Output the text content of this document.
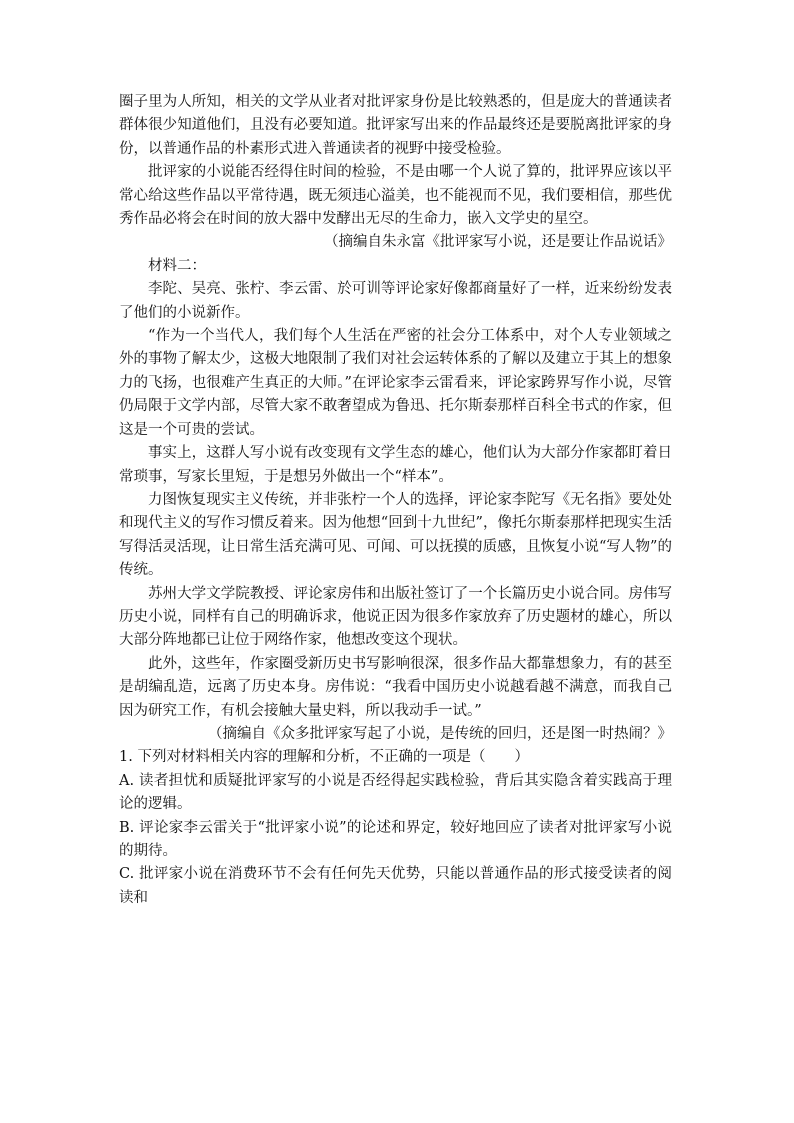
圈子里为人所知，相关的文学从业者对批评家身份是比较熟悉的，但是庞大的普通读者群体很少知道他们，且没有必要知道。批评家写出来的作品最终还是要脱离批评家的身份，以普通作品的朴素形式进入普通读者的视野中接受检验。

批评家的小说能否经得住时间的检验，不是由哪一个人说了算的，批评界应该以平常心给这些作品以平常待遇，既无须违心溢美，也不能视而不见，我们要相信，那些优秀作品必将会在时间的放大器中发酵出无尽的生命力，嵌入文学史的星空。

（摘编自朱永富《批评家写小说，还是要让作品说话》

材料二：

李陀、吴亮、张柠、李云雷、於可训等评论家好像都商量好了一样，近来纷纷发表了他们的小说新作。

“作为一个当代人，我们每个人生活在严密的社会分工体系中，对个人专业领域之外的事物了解太少，这极大地限制了我们对社会运转体系的了解以及建立于其上的想象力的飞扬，也很难产生真正的大师。”在评论家李云雷看来，评论家跨界写作小说，尽管仍局限于文学内部，尽管大家不敢奢望成为鲁迅、托尔斯泰那样百科全书式的作家，但这是一个可贵的尝试。

事实上，这群人写小说有改变现有文学生态的雄心，他们认为大部分作家都盯着日常琐事，写家长里短，于是想另外做出一个“样本”。

力图恢复现实主义传统，并非张柠一个人的选择，评论家李陀写《无名指》要处处和现代主义的写作习惯反着来。因为他想“回到十九世纪”，像托尔斯泰那样把现实生活写得活灵活现，让日常生活充满可见、可闻、可以抚摸的质感，且恢复小说“写人物”的传统。

苏州大学文学院教授、评论家房伟和出版社签订了一个长篇历史小说合同。房伟写历史小说，同样有自己的明确诉求，他说正因为很多作家放弃了历史题材的雄心，所以大部分阵地都已让位于网络作家，他想改变这个现状。

此外，这些年，作家圈受新历史书写影响很深，很多作品大都靠想象力，有的甚至是胡编乱造，远离了历史本身。房伟说：“我看中国历史小说越看越不满意，而我自己因为研究工作，有机会接触大量史料，所以我动手一试。”

（摘编自《众多批评家写起了小说，是传统的回归，还是图一时热闹？》

1. 下列对材料相关内容的理解和分析，不正确的一项是（　　）

A. 读者担忧和质疑批评家写的小说是否经得起实践检验，背后其实隐含着实践高于理论的逻辑。

B. 评论家李云雷关于“批评家小说”的论述和界定，较好地回应了读者对批评家写小说的期待。

C. 批评家小说在消费环节不会有任何先天优势，只能以普通作品的形式接受读者的阅读和
